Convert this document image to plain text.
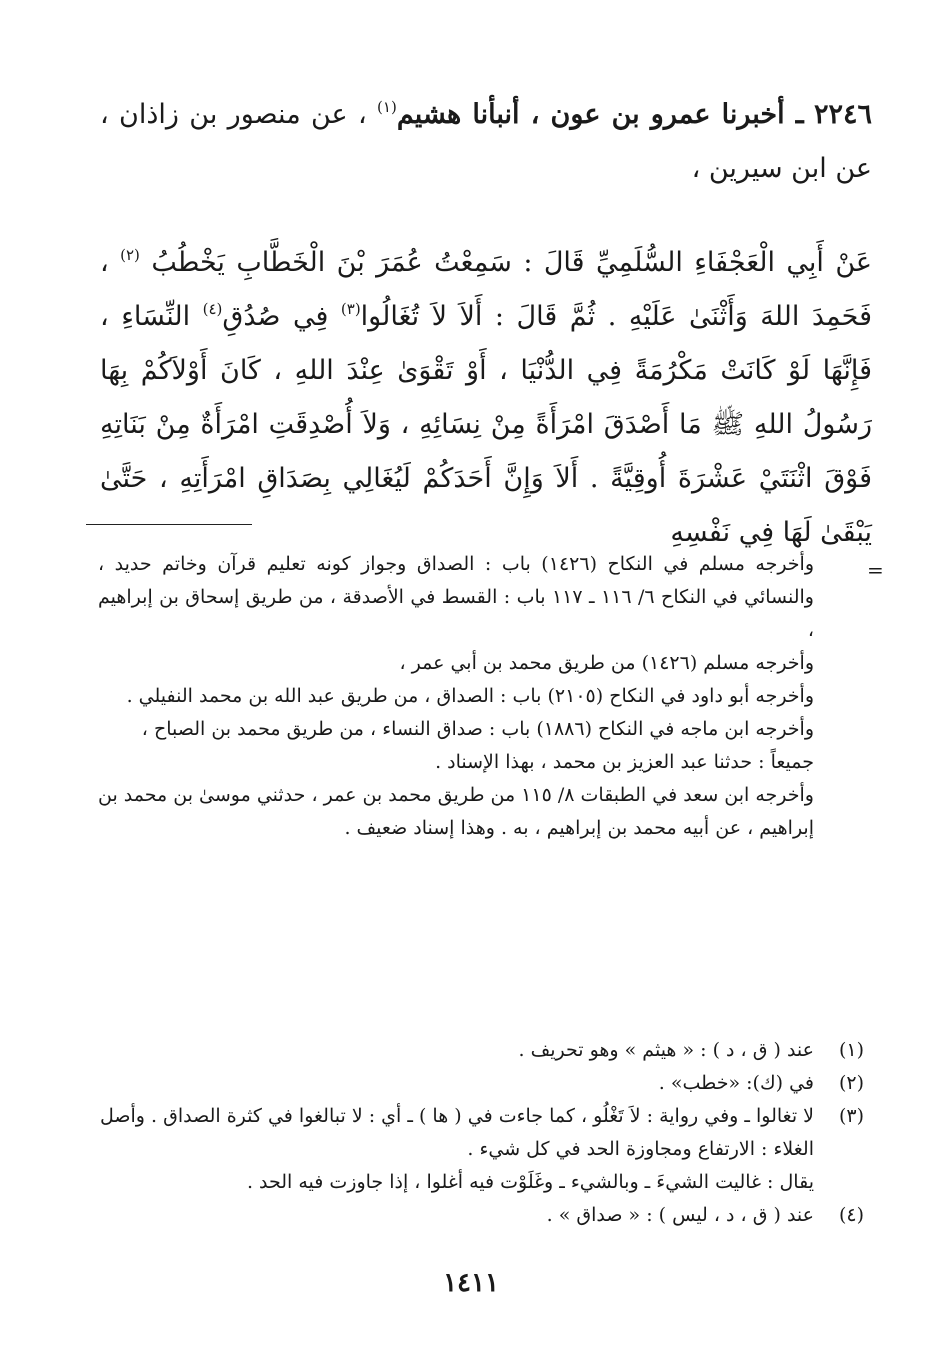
٢٢٤٦ ـ أخبرنا عمرو بن عون ، أنبأنا هشيم$^{(١)}$ ، عن منصور بن زاذان ، عن ابن سيرين ،

عَنْ أَبِي الْعَجْفَاءِ السُّلَمِيِّ قَالَ : سَمِعْتُ عُمَرَ بْنَ الْخَطَّابِ يَخْطُبُ $^{(٢)}$ ، فَحَمِدَ اللهَ وَأَثْنَىٰ عَلَيْهِ . ثُمَّ قَالَ : أَلاَ لاَ تُغَالُوا$^{(٣)}$ فِي صُدُقِ$^{(٤)}$ النِّسَاءِ ، فَإِنَّهَا لَوْ كَانَتْ مَكْرُمَةً فِي الدُّنْيَا ، أَوْ تَقْوَىٰ عِنْدَ اللهِ ، كَانَ أَوْلاَكُمْ بِهَا رَسُولُ اللهِ ﷺ مَا أَصْدَقَ امْرَأَةً مِنْ نِسَائِهِ ، وَلاَ أُصْدِقَتِ امْرَأَةٌ مِنْ بَنَاتِهِ فَوْقَ اثْنَتَيْ عَشْرَةَ أُوقِيَّةً . أَلاَ وَإِنَّ أَحَدَكُمْ لَيُغَالِي بِصَدَاقِ امْرَأَتِهِ ، حَتَّىٰ يَبْقَىٰ لَهَا فِي نَفْسِهِ

=

وأخرجه مسلم في النكاح (١٤٢٦) باب : الصداق وجواز كونه تعليم قرآن وخاتم حديد ، والنسائي في النكاح ٦/ ١١٦ ـ ١١٧ باب : القسط في الأصدقة ، من طريق إسحاق بن إبراهيم ،

وأخرجه مسلم (١٤٢٦) من طريق محمد بن أبي عمر ،

وأخرجه أبو داود في النكاح (٢١٠٥) باب : الصداق ، من طريق عبد الله بن محمد النفيلي .

وأخرجه ابن ماجه في النكاح (١٨٨٦) باب : صداق النساء ، من طريق محمد بن الصباح ،

جميعاً : حدثنا عبد العزيز بن محمد ، بهذا الإسناد .

وأخرجه ابن سعد في الطبقات ٨/ ١١٥ من طريق محمد بن عمر ، حدثني موسىٰ بن محمد بن إبراهيم ، عن أبيه محمد بن إبراهيم ، به . وهذا إسناد ضعيف .

(١)
عند ( ق ، د ) : « هيثم » وهو تحريف .
(٢)
في (ك): «خطب» .
(٣)
لا تغالوا ـ وفي رواية : لاَ تَغْلُو ، كما جاءت في ( ها ) ـ أي : لا تبالغوا في كثرة الصداق . وأصل الغلاء : الارتفاع ومجاوزة الحد في كل شيء .
يقال : غاليت الشيءَ ـ وبالشيء ـ وغَلَوْت فيه أغلوا ، إذا جاوزت فيه الحد .
(٤)
عند ( ق ، د ، ليس ) : « صداق » .
١٤١١
